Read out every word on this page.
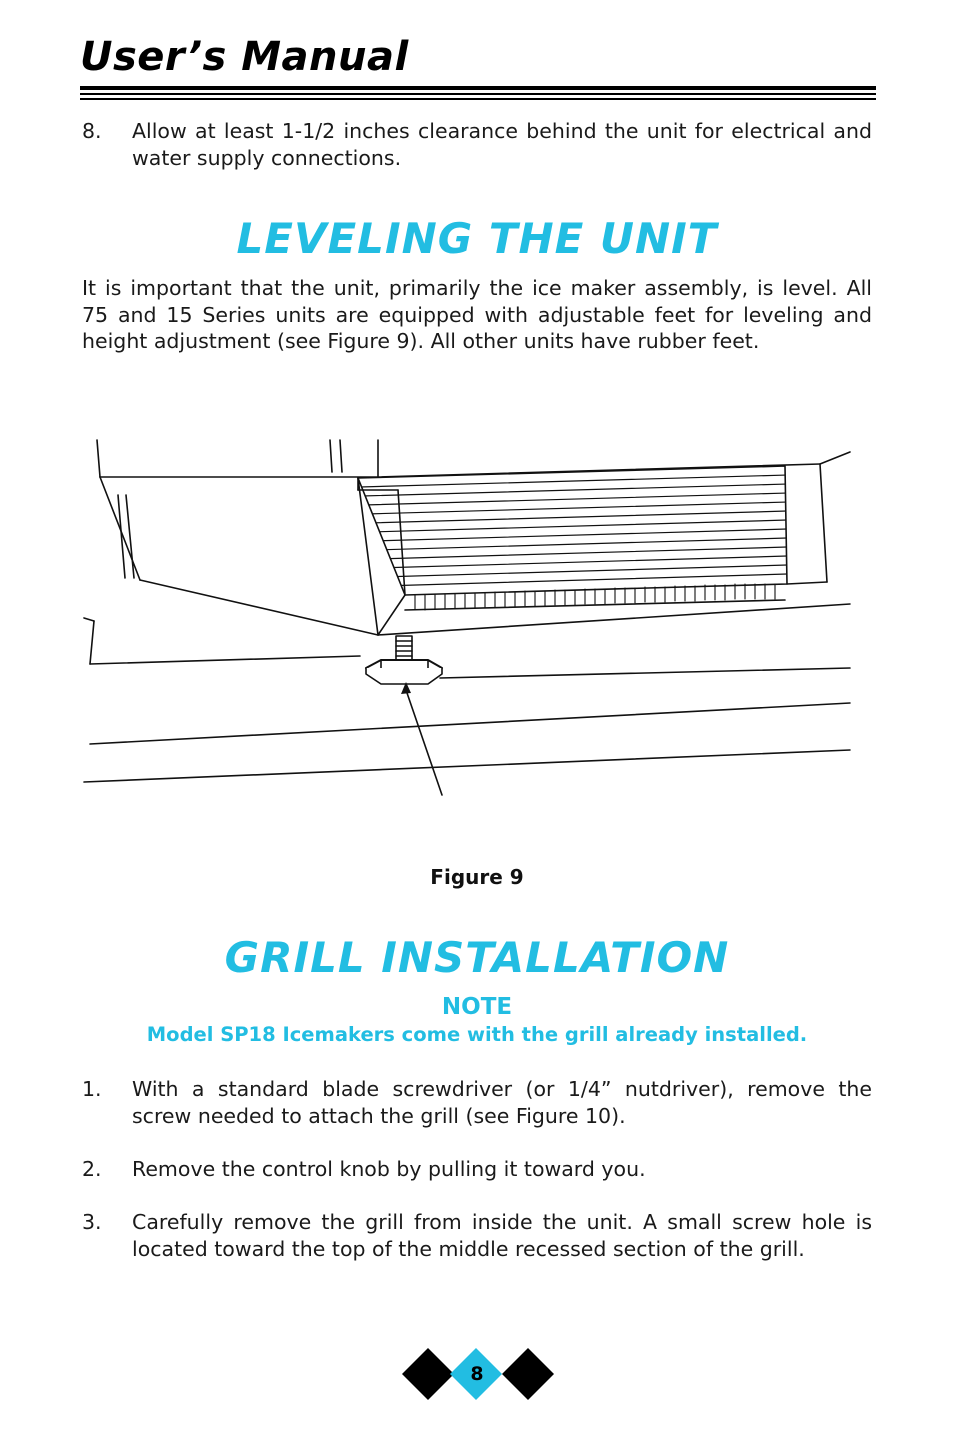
User’s Manual
8.	Allow at least 1-1/2 inches clearance behind the unit for electrical and water supply connections.
LEVELING THE UNIT
It is important that the unit, primarily the ice maker assembly, is level. All 75 and 15 Series units are equipped with adjustable feet for leveling and height adjustment (see Figure 9). All other units have rubber feet.
Figure 9
GRILL INSTALLATION
NOTE
Model SP18 Icemakers come with the grill already installed.
1.	With a standard blade screwdriver (or 1/4” nutdriver), remove the screw needed to attach the grill (see Figure 10).
2.	Remove the control knob by pulling it toward you.
3.	Carefully remove the grill from inside the unit. A small screw hole is located toward the top of the middle recessed section of the grill.
8
